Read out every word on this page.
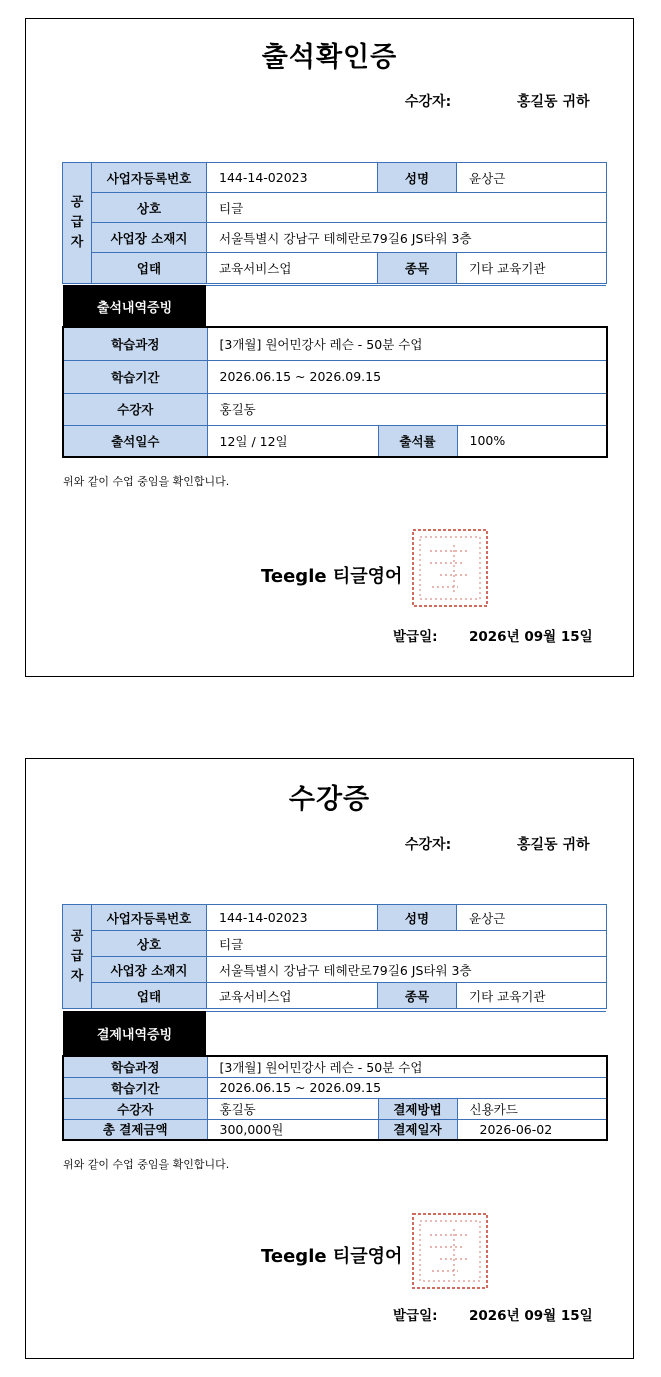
출석확인증
수강자:	홍길동 귀하
공
급
자	사업자등록번호	144-14-02023	성명	윤상근
	상호	티글		
	사업장 소재지	서울특별시 강남구 테헤란로79길6 JS타워 3층		
	업태	교육서비스업	종목	기타 교육기관
출석내역증빙
학습과정	[3개월] 원어민강사 레슨 - 50분 수업		
학습기간	2026.06.15 ~ 2026.09.15		
수강자	홍길동		
출석일수	12일 / 12일	출석률	100%
위와 같이 수업 중임을 확인합니다.
Teegle 티글영어
발급일: 2026년 09월 15일
수강증
수강자:	홍길동 귀하
공
급
자	사업자등록번호	144-14-02023	성명	윤상근
	상호	티글		
	사업장 소재지	서울특별시 강남구 테헤란로79길6 JS타워 3층		
	업태	교육서비스업	종목	기타 교육기관
결제내역증빙
학습과정	[3개월] 원어민강사 레슨 - 50분 수업		
학습기간	2026.06.15 ~ 2026.09.15		
수강자	홍길동	결제방법	신용카드
총 결제금액	300,000원	결제일자	2026-06-02
위와 같이 수업 중임을 확인합니다.
Teegle 티글영어
발급일: 2026년 09월 15일
